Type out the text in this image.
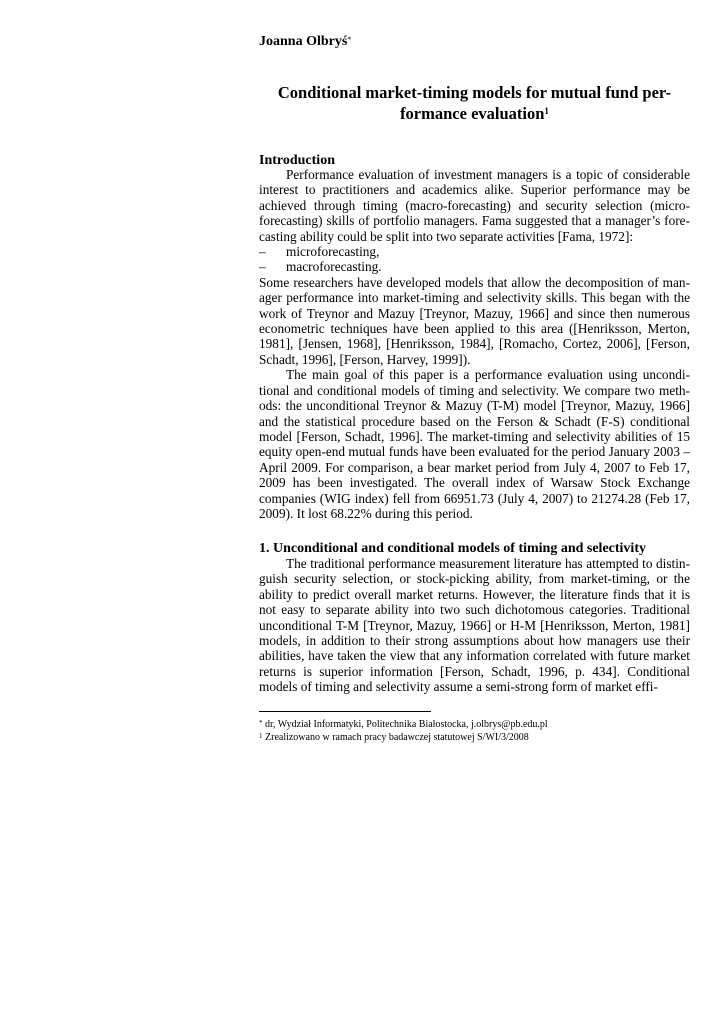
Joanna Olbryś*
Conditional market-timing models for mutual fund per-
formance evaluation$^1$
Introduction

Performance evaluation of investment managers is a topic of considerable interest to practitioners and academics alike. Superior performance may be achieved through timing (macro-forecasting) and security selection (micro-forecasting) skills of portfolio managers. Fama suggested that a manager’s fore-casting ability could be split into two separate activities [Fama, 1972]:

–	microforecasting,
–	macroforecasting.

Some researchers have developed models that allow the decomposition of man-ager performance into market-timing and selectivity skills. This began with the work of Treynor and Mazuy [Treynor, Mazuy, 1966] and since then numerous econometric techniques have been applied to this area ([Henriksson, Merton, 1981], [Jensen, 1968], [Henriksson, 1984], [Romacho, Cortez, 2006], [Ferson, Schadt, 1996], [Ferson, Harvey, 1999]).

The main goal of this paper is a performance evaluation using uncondi-tional and conditional models of timing and selectivity. We compare two meth-ods: the unconditional Treynor & Mazuy (T-M) model [Treynor, Mazuy, 1966] and the statistical procedure based on the Ferson & Schadt (F-S) conditional model [Ferson, Schadt, 1996]. The market-timing and selectivity abilities of 15 equity open-end mutual funds have been evaluated for the period January 2003 – April 2009. For comparison, a bear market period from July 4, 2007 to Feb 17, 2009 has been investigated. The overall index of Warsaw Stock Exchange companies (WIG index) fell from 66951.73 (July 4, 2007) to 21274.28 (Feb 17, 2009). It lost 68.22% during this period.

1. Unconditional and conditional models of timing and selectivity

The traditional performance measurement literature has attempted to distin-guish security selection, or stock-picking ability, from market-timing, or the ability to predict overall market returns. However, the literature finds that it is not easy to separate ability into two such dichotomous categories. Traditional unconditional T-M [Treynor, Mazuy, 1966] or H-M [Henriksson, Merton, 1981] models, in addition to their strong assumptions about how managers use their abilities, have taken the view that any information correlated with future market returns is superior information [Ferson, Schadt, 1996, p. 434]. Conditional models of timing and selectivity assume a semi-strong form of market effi-

* dr, Wydział Informatyki, Politechnika Białostocka, j.olbrys@pb.edu.pl

$^1$ Zrealizowano w ramach pracy badawczej statutowej S/WI/3/2008
